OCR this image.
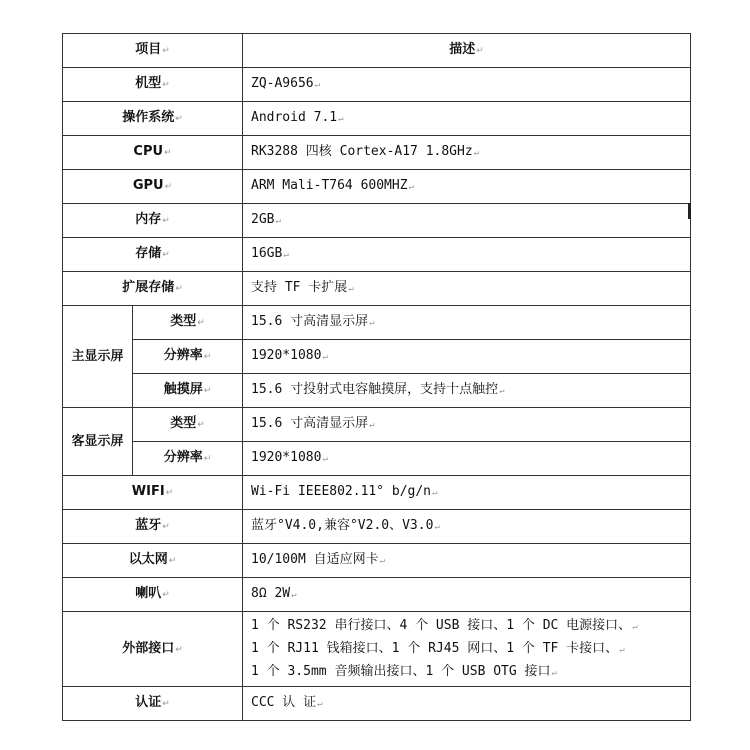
项目↵		描述↵
机型↵		ZQ-A9656↵
操作系统↵		Android 7.1↵
CPU↵		RK3288 四核 Cortex-A17 1.8GHz↵
GPU↵		ARM Mali-T764 600MHZ↵
内存↵		2GB↵
存储↵		16GB↵
扩展存储↵		支持 TF 卡扩展↵
主显示屏	类型↵	15.6 寸高清显示屏↵
	分辨率↵	1920*1080↵
	触摸屏↵	15.6 寸投射式电容触摸屏，支持十点触控↵
客显示屏	类型↵	15.6 寸高清显示屏↵
	分辨率↵	1920*1080↵
WIFI↵		Wi-Fi IEEE802.11° b/g/n↵
蓝牙↵		蓝牙°V4.0,兼容°V2.0、V3.0↵
以太网↵		10/100M 自适应网卡↵
喇叭↵		8Ω 2W↵
外部接口↵		1 个 RS232 串行接口、4 个 USB 接口、1 个 DC 电源接口、↵
1 个 RJ11 钱箱接口、1 个 RJ45 网口、1 个 TF 卡接口、↵
1 个 3.5mm 音频输出接口、1 个 USB OTG 接口↵

认证↵		CCC 认 证↵
